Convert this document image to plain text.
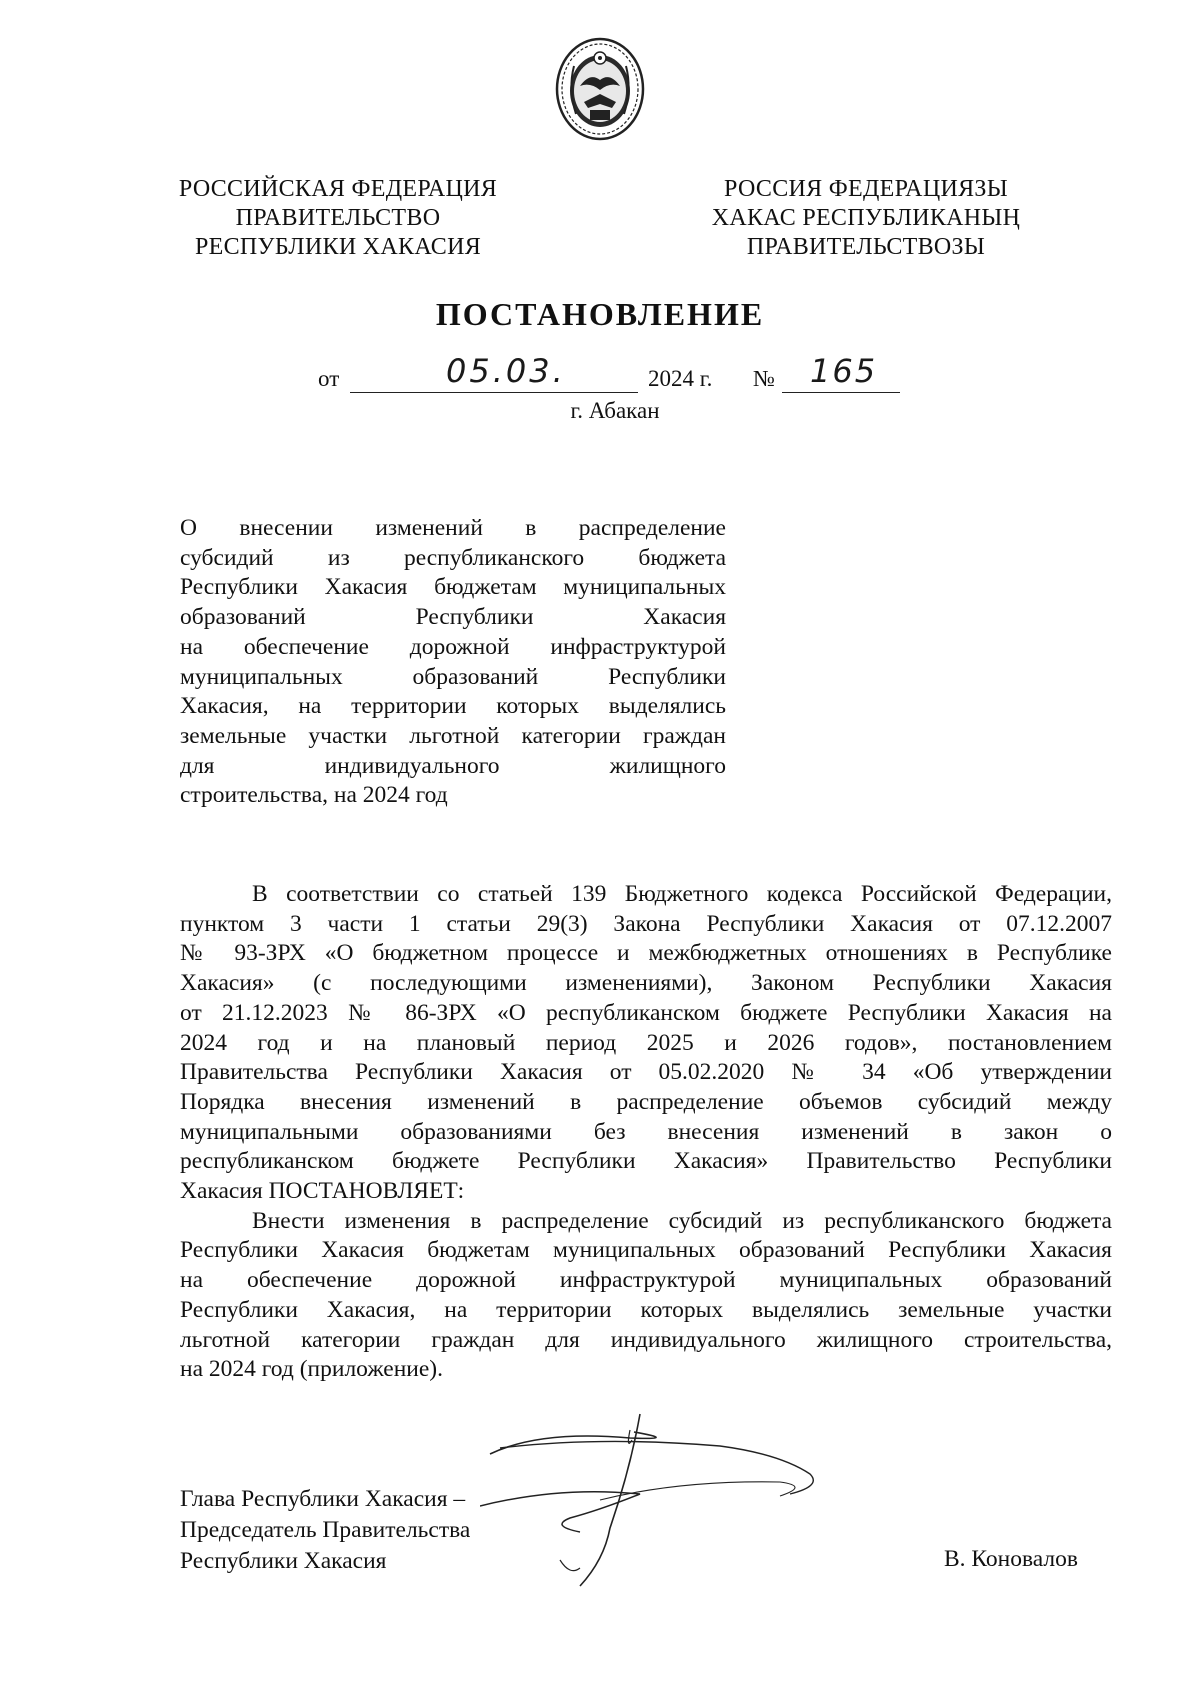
РОССИЙСКАЯ ФЕДЕРАЦИЯ
ПРАВИТЕЛЬСТВО
РЕСПУБЛИКИ ХАКАСИЯ
РОССИЯ ФЕДЕРАЦИЯЗЫ
ХАКАС РЕСПУБЛИКАНЫҢ
ПРАВИТЕЛЬСТВОЗЫ
ПОСТАНОВЛЕНИЕ
от	05.03.	2024 г. № 165
г. Абакан
О внесении изменений в распределение
субсидий из республиканского бюджета
Республики Хакасия бюджетам муниципальных
образований Республики Хакасия
на обеспечение дорожной инфраструктурой
муниципальных образований Республики
Хакасия, на территории которых выделялись
земельные участки льготной категории граждан
для индивидуального жилищного
строительства, на 2024 год
В соответствии со статьей 139 Бюджетного кодекса Российской Федерации,
пунктом 3 части 1 статьи 29(3) Закона Республики Хакасия от 07.12.2007
№ 93-ЗРХ «О бюджетном процессе и межбюджетных отношениях в Республике
Хакасия» (с последующими изменениями), Законом Республики Хакасия
от 21.12.2023 № 86-ЗРХ «О республиканском бюджете Республики Хакасия на
2024 год и на плановый период 2025 и 2026 годов», постановлением
Правительства Республики Хакасия от 05.02.2020 № 34 «Об утверждении
Порядка внесения изменений в распределение объемов субсидий между
муниципальными образованиями без внесения изменений в закон о
республиканском бюджете Республики Хакасия» Правительство Республики
Хакасия ПОСТАНОВЛЯЕТ:
Внести изменения в распределение субсидий из республиканского бюджета
Республики Хакасия бюджетам муниципальных образований Республики Хакасия
на обеспечение дорожной инфраструктурой муниципальных образований
Республики Хакасия, на территории которых выделялись земельные участки
льготной категории граждан для индивидуального жилищного строительства,
на 2024 год (приложение).
Глава Республики Хакасия –
Председатель Правительства
Республики Хакасия	В. Коновалов
